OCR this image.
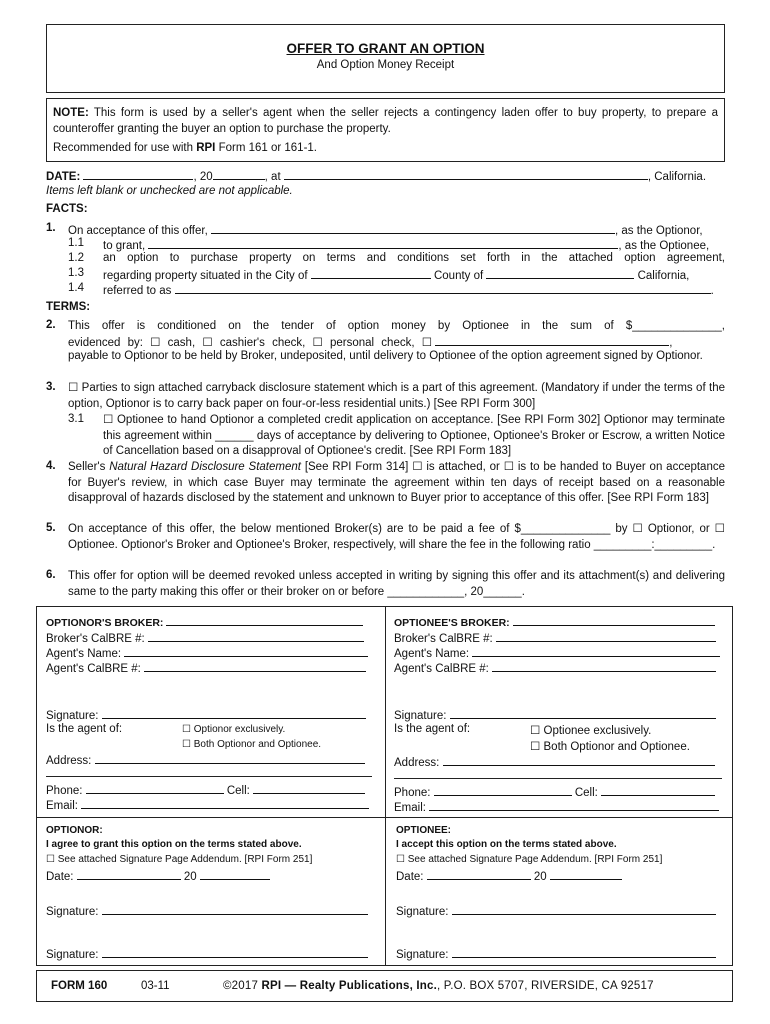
OFFER TO GRANT AN OPTION
And Option Money Receipt
NOTE: This form is used by a seller's agent when the seller rejects a contingency laden offer to buy property, to prepare a counteroffer granting the buyer an option to purchase the property.
Recommended for use with RPI Form 161 or 161-1.
DATE:	, 20	, at	, California.
Items left blank or unchecked are not applicable.
FACTS:
1. On acceptance of this offer,	, as the Optionor,
1.1 to grant,	, as the Optionee,
1.2 an option to purchase property on terms and conditions set forth in the attached option agreement,
1.3 regarding property situated in the City of	County of	California,
1.4 referred to as	.
TERMS:
2. This offer is conditioned on the tender of option money by Optionee in the sum of $______________,
evidenced by: ☐ cash, ☐ cashier's check, ☐ personal check, ☐	,
payable to Optionor to be held by Broker, undeposited, until delivery to Optionee of the option agreement signed by Optionor.
3. ☐ Parties to sign attached carryback disclosure statement which is a part of this agreement. (Mandatory if under the terms of the option, Optionor is to carry back paper on four-or-less residential units.) [See RPI Form 300]
3.1 ☐ Optionee to hand Optionor a completed credit application on acceptance. [See RPI Form 302] Optionor may terminate this agreement within ______ days of acceptance by delivering to Optionee, Optionee's Broker or Escrow, a written Notice of Cancellation based on a disapproval of Optionee's credit. [See RPI Form 183]
4. Seller's Natural Hazard Disclosure Statement [See RPI Form 314] ☐ is attached, or ☐ is to be handed to Buyer on acceptance for Buyer's review, in which case Buyer may terminate the agreement within ten days of receipt based on a reasonable disapproval of hazards disclosed by the statement and unknown to Buyer prior to acceptance of this offer. [See RPI Form 183]
5. On acceptance of this offer, the below mentioned Broker(s) are to be paid a fee of $______________ by ☐ Optionor, or ☐ Optionee. Optionor's Broker and Optionee's Broker, respectively, will share the fee in the following ratio _________:_________.
6. This offer for option will be deemed revoked unless accepted in writing by signing this offer and its attachment(s) and delivering same to the party making this offer or their broker on or before ____________, 20______.
OPTIONOR'S BROKER:
Broker's CalBRE #:
Agent's Name:
Agent's CalBRE #:
Signature:
Is the agent of:	☐ Optionor exclusively.
☐ Both Optionor and Optionee.
Address:
Phone:	Cell:
Email:
OPTIONEE'S BROKER:
Broker's CalBRE #:
Agent's Name:
Agent's CalBRE #:
Signature:
Is the agent of:	☐ Optionee exclusively.
☐ Both Optionor and Optionee.
Address:
Phone:	Cell:
Email:
OPTIONOR:
I agree to grant this option on the terms stated above.
☐ See attached Signature Page Addendum. [RPI Form 251]
Date:	20
Signature:
Signature:
OPTIONEE:
I accept this option on the terms stated above.
☐ See attached Signature Page Addendum. [RPI Form 251]
Date:	20
Signature:
Signature:
FORM 160	03-11	©2017 RPI — Realty Publications, Inc., P.O. BOX 5707, RIVERSIDE, CA 92517
